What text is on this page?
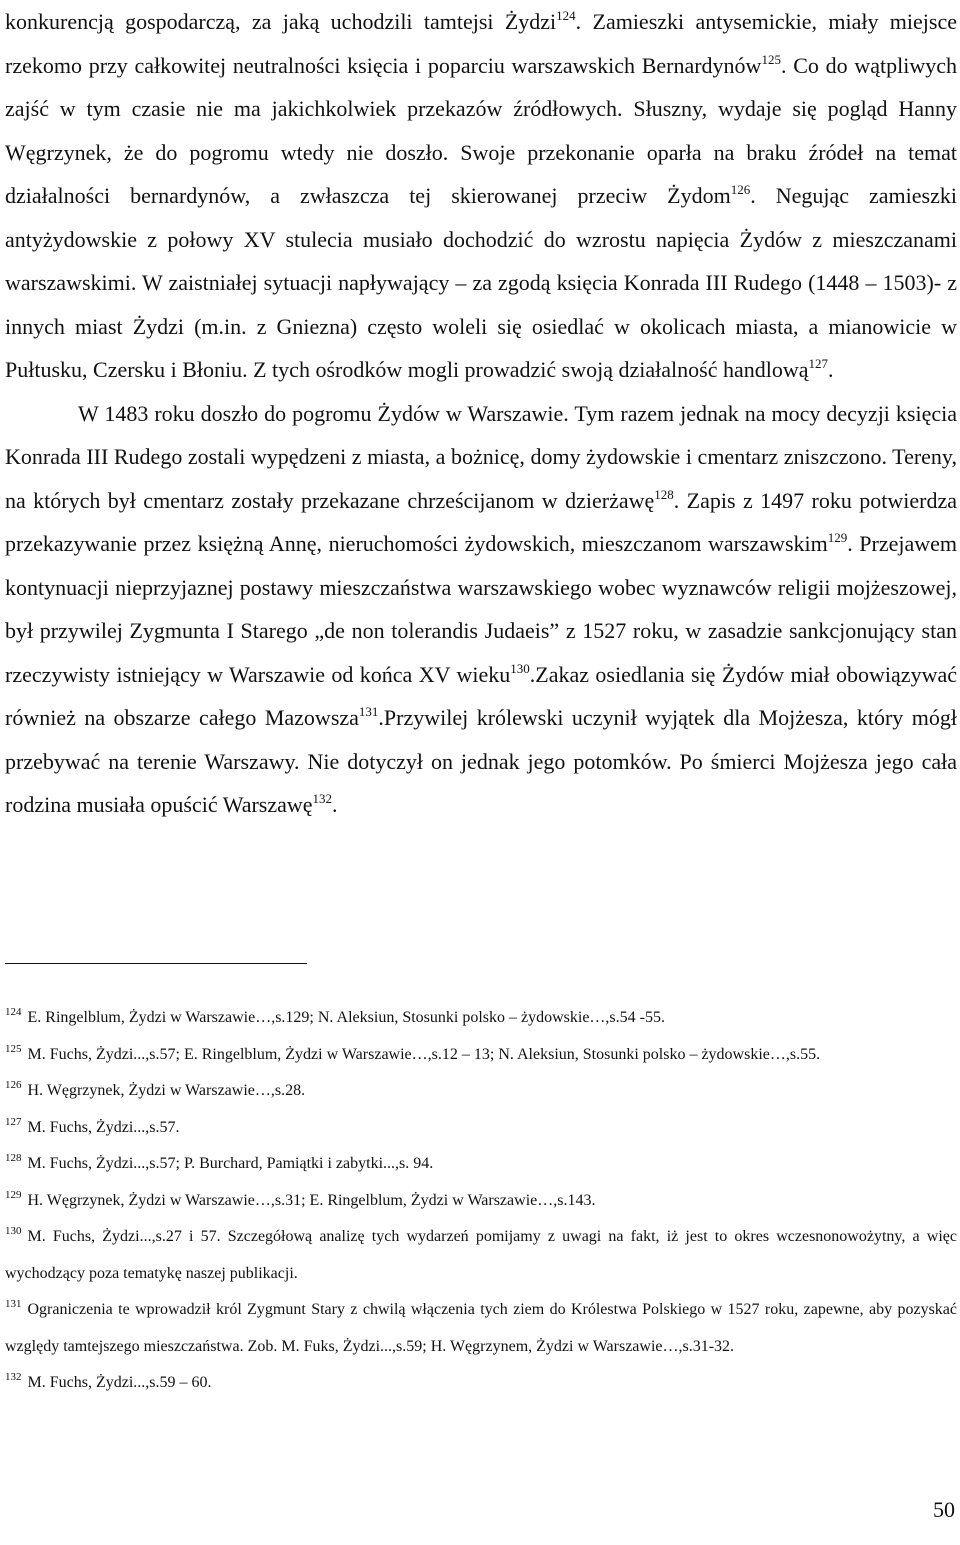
konkurencją gospodarczą, za jaką uchodzili tamtejsi Żydzi$^{124}$. Zamieszki antysemickie, miały miejsce rzekomo przy całkowitej neutralności księcia i poparciu warszawskich Bernardynów$^{125}$. Co do wątpliwych zajść w tym czasie nie ma jakichkolwiek przekazów źródłowych. Słuszny, wydaje się pogląd Hanny Węgrzynek, że do pogromu wtedy nie doszło. Swoje przekonanie oparła na braku źródeł na temat działalności bernardynów, a zwłaszcza tej skierowanej przeciw Żydom$^{126}$. Negując zamieszki antyżydowskie z połowy XV stulecia musiało dochodzić do wzrostu napięcia Żydów z mieszczanami warszawskimi. W zaistniałej sytuacji napływający – za zgodą księcia Konrada III Rudego (1448 – 1503)- z innych miast Żydzi (m.in. z Gniezna) często woleli się osiedlać w okolicach miasta, a mianowicie w Pułtusku, Czersku i Błoniu. Z tych ośrodków mogli prowadzić swoją działalność handlową$^{127}$.

W 1483 roku doszło do pogromu Żydów w Warszawie. Tym razem jednak na mocy decyzji księcia Konrada III Rudego zostali wypędzeni z miasta, a bożnicę, domy żydowskie i cmentarz zniszczono. Tereny, na których był cmentarz zostały przekazane chrześcijanom w dzierżawę$^{128}$. Zapis z 1497 roku potwierdza przekazywanie przez księżną Annę, nieruchomości żydowskich, mieszczanom warszawskim$^{129}$. Przejawem kontynuacji nieprzyjaznej postawy mieszczaństwa warszawskiego wobec wyznawców religii mojżeszowej, był przywilej Zygmunta I Starego „de non tolerandis Judaeis” z 1527 roku, w zasadzie sankcjonujący stan rzeczywisty istniejący w Warszawie od końca XV wieku$^{130}$.Zakaz osiedlania się Żydów miał obowiązywać również na obszarze całego Mazowsza$^{131}$.Przywilej królewski uczynił wyjątek dla Mojżesza, który mógł przebywać na terenie Warszawy. Nie dotyczył on jednak jego potomków. Po śmierci Mojżesza jego cała rodzina musiała opuścić Warszawę$^{132}$.

$^{124}$ E. Ringelblum, Żydzi w Warszawie…,s.129; N. Aleksiun, Stosunki polsko – żydowskie…,s.54 -55.

$^{125}$ M. Fuchs, Żydzi...,s.57; E. Ringelblum, Żydzi w Warszawie…,s.12 – 13; N. Aleksiun, Stosunki polsko – żydowskie…,s.55.

$^{126}$ H. Węgrzynek, Żydzi w Warszawie…,s.28.

$^{127}$ M. Fuchs, Żydzi...,s.57.

$^{128}$ M. Fuchs, Żydzi...,s.57; P. Burchard, Pamiątki i zabytki...,s. 94.

$^{129}$ H. Węgrzynek, Żydzi w Warszawie…,s.31; E. Ringelblum, Żydzi w Warszawie…,s.143.

$^{130}$ M. Fuchs, Żydzi...,s.27 i 57. Szczegółową analizę tych wydarzeń pomijamy z uwagi na fakt, iż jest to okres wczesnonowożytny, a więc wychodzący poza tematykę naszej publikacji.

$^{131}$ Ograniczenia te wprowadził król Zygmunt Stary z chwilą włączenia tych ziem do Królestwa Polskiego w 1527 roku, zapewne, aby pozyskać względy tamtejszego mieszczaństwa. Zob. M. Fuks, Żydzi...,s.59; H. Węgrzynem, Żydzi w Warszawie…,s.31-32.

$^{132}$ M. Fuchs, Żydzi...,s.59 – 60.

50
